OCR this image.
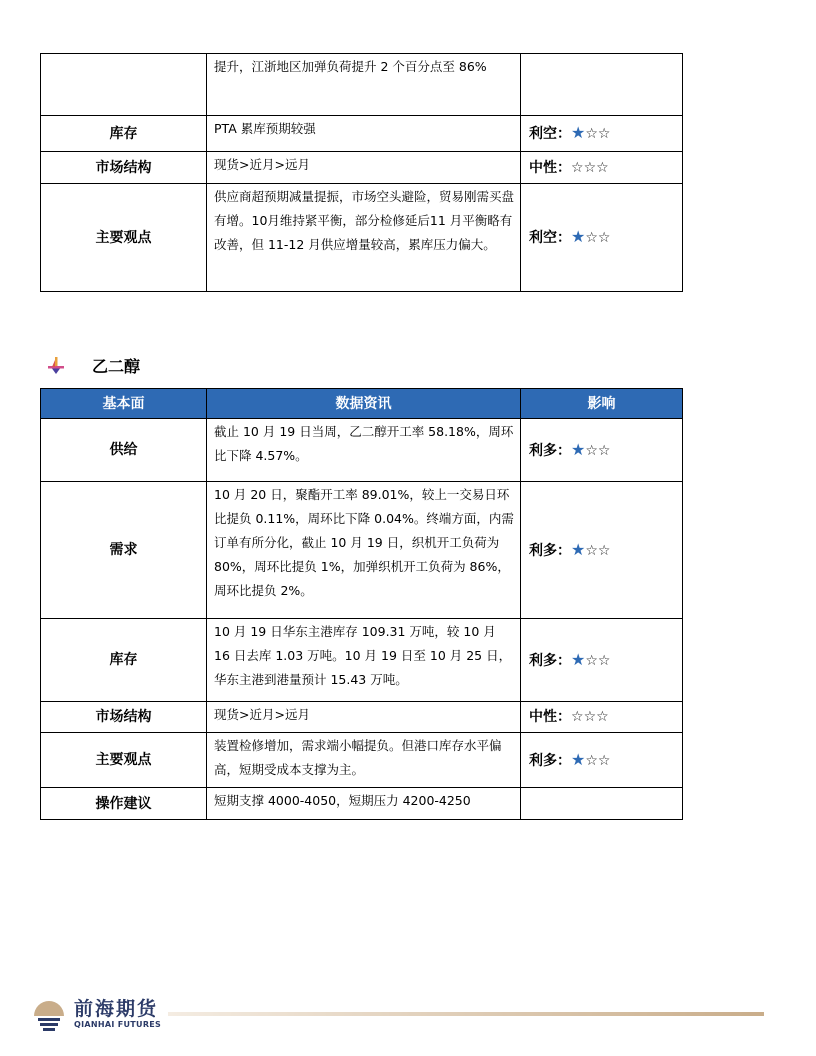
	提升，江浙地区加弹负荷提升 2 个百分点至 86%	
库存	PTA 累库预期较强	利空：★☆☆
市场结构	现货>近月>远月	中性：☆☆☆
主要观点	供应商超预期减量提振，市场空头避险，贸易刚需买盘有增。10月维持紧平衡，部分检修延后11 月平衡略有改善，但 11-12 月供应增量较高，累库压力偏大。	利空：★☆☆
乙二醇
基本面	数据资讯	影响
供给	截止 10 月 19 日当周，乙二醇开工率 58.18%，周环比下降 4.57%。	利多：★☆☆
需求	10 月 20 日，聚酯开工率 89.01%，较上一交易日环比提负 0.11%，周环比下降 0.04%。终端方面，内需订单有所分化，截止 10 月 19 日，织机开工负荷为 80%，周环比提负 1%，加弹织机开工负荷为 86%，周环比提负 2%。	利多：★☆☆
库存	10 月 19 日华东主港库存 109.31 万吨，较 10 月 16 日去库 1.03 万吨。10 月 19 日至 10 月 25 日，华东主港到港量预计 15.43 万吨。	利多：★☆☆
市场结构	现货>近月>远月	中性：☆☆☆
主要观点	装置检修增加，需求端小幅提负。但港口库存水平偏高，短期受成本支撑为主。	利多：★☆☆
操作建议	短期支撑 4000-4050，短期压力 4200-4250	
前海期货
QIANHAI FUTURES
